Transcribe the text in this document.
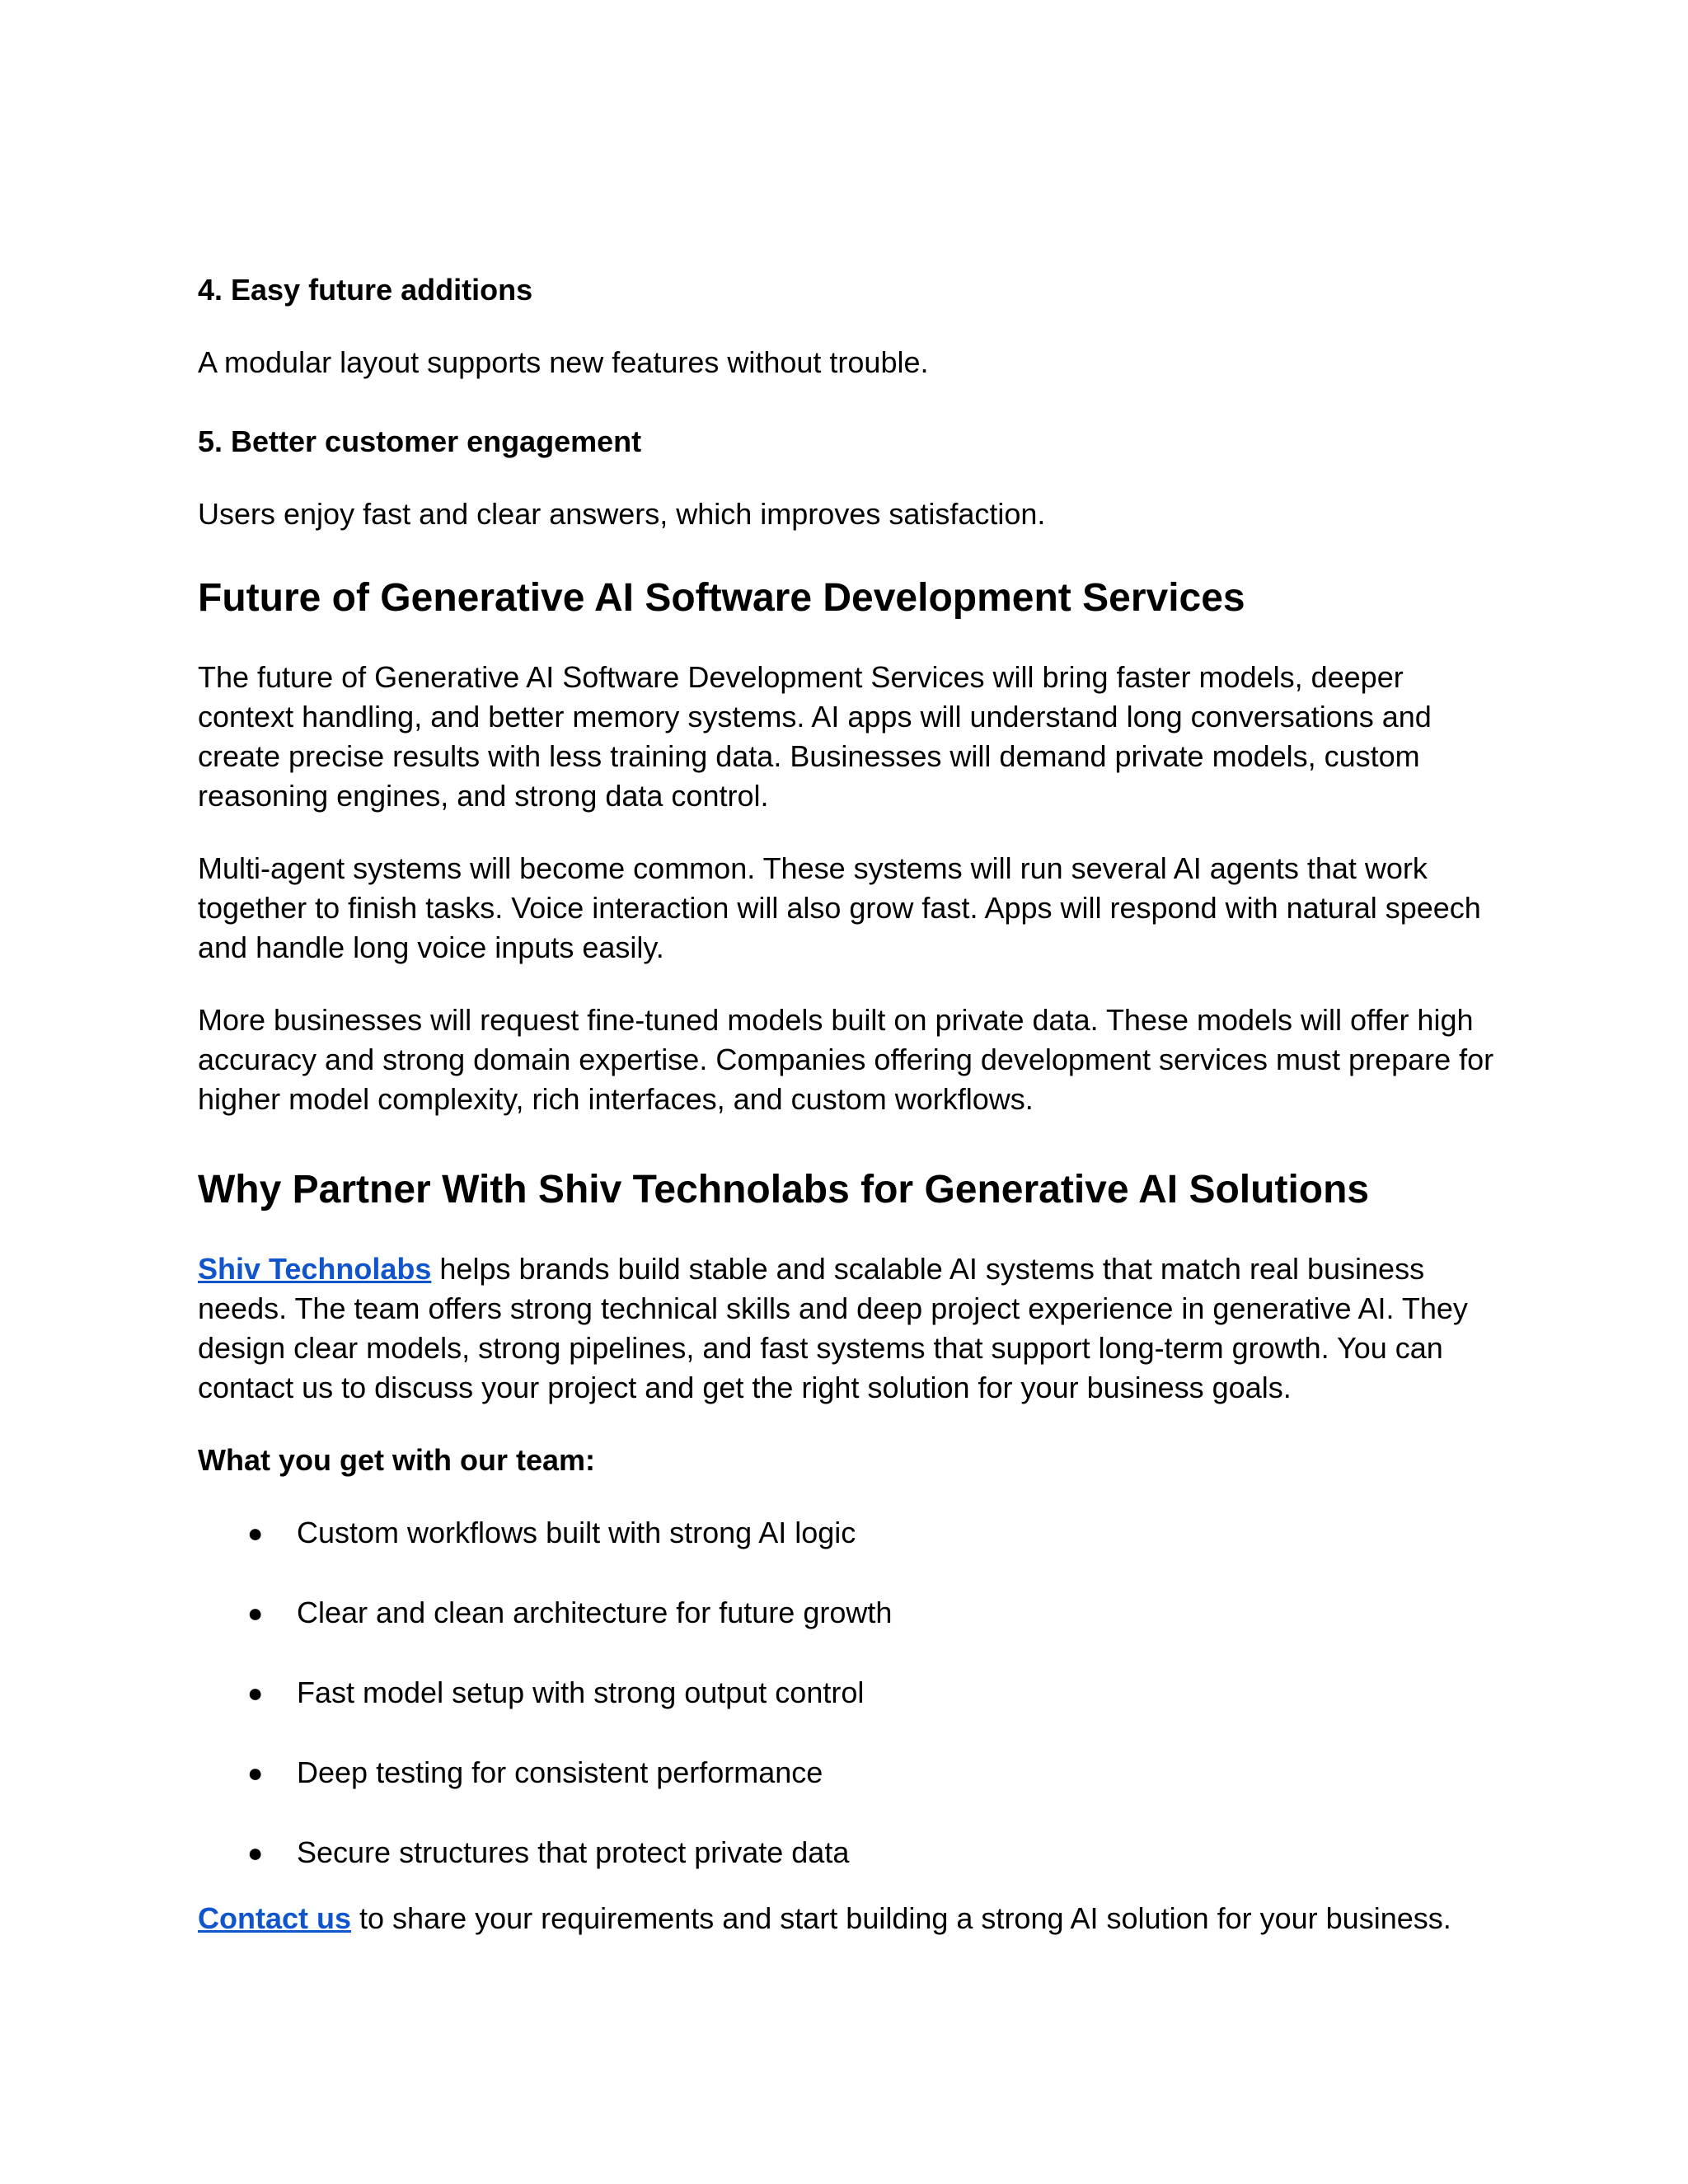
4. Easy future additions

A modular layout supports new features without trouble.

5. Better customer engagement

Users enjoy fast and clear answers, which improves satisfaction.

Future of Generative AI Software Development Services

The future of Generative AI Software Development Services will bring faster models, deeper context handling, and better memory systems. AI apps will understand long conversations and create precise results with less training data. Businesses will demand private models, custom reasoning engines, and strong data control.

Multi-agent systems will become common. These systems will run several AI agents that work together to finish tasks. Voice interaction will also grow fast. Apps will respond with natural speech and handle long voice inputs easily.

More businesses will request fine-tuned models built on private data. These models will offer high accuracy and strong domain expertise. Companies offering development services must prepare for higher model complexity, rich interfaces, and custom workflows.

Why Partner With Shiv Technolabs for Generative AI Solutions

Shiv Technolabs helps brands build stable and scalable AI systems that match real business needs. The team offers strong technical skills and deep project experience in generative AI. They design clear models, strong pipelines, and fast systems that support long-term growth. You can contact us to discuss your project and get the right solution for your business goals.

What you get with our team:

● Custom workflows built with strong AI logic
● Clear and clean architecture for future growth
● Fast model setup with strong output control
● Deep testing for consistent performance
● Secure structures that protect private data

Contact us to share your requirements and start building a strong AI solution for your business.
